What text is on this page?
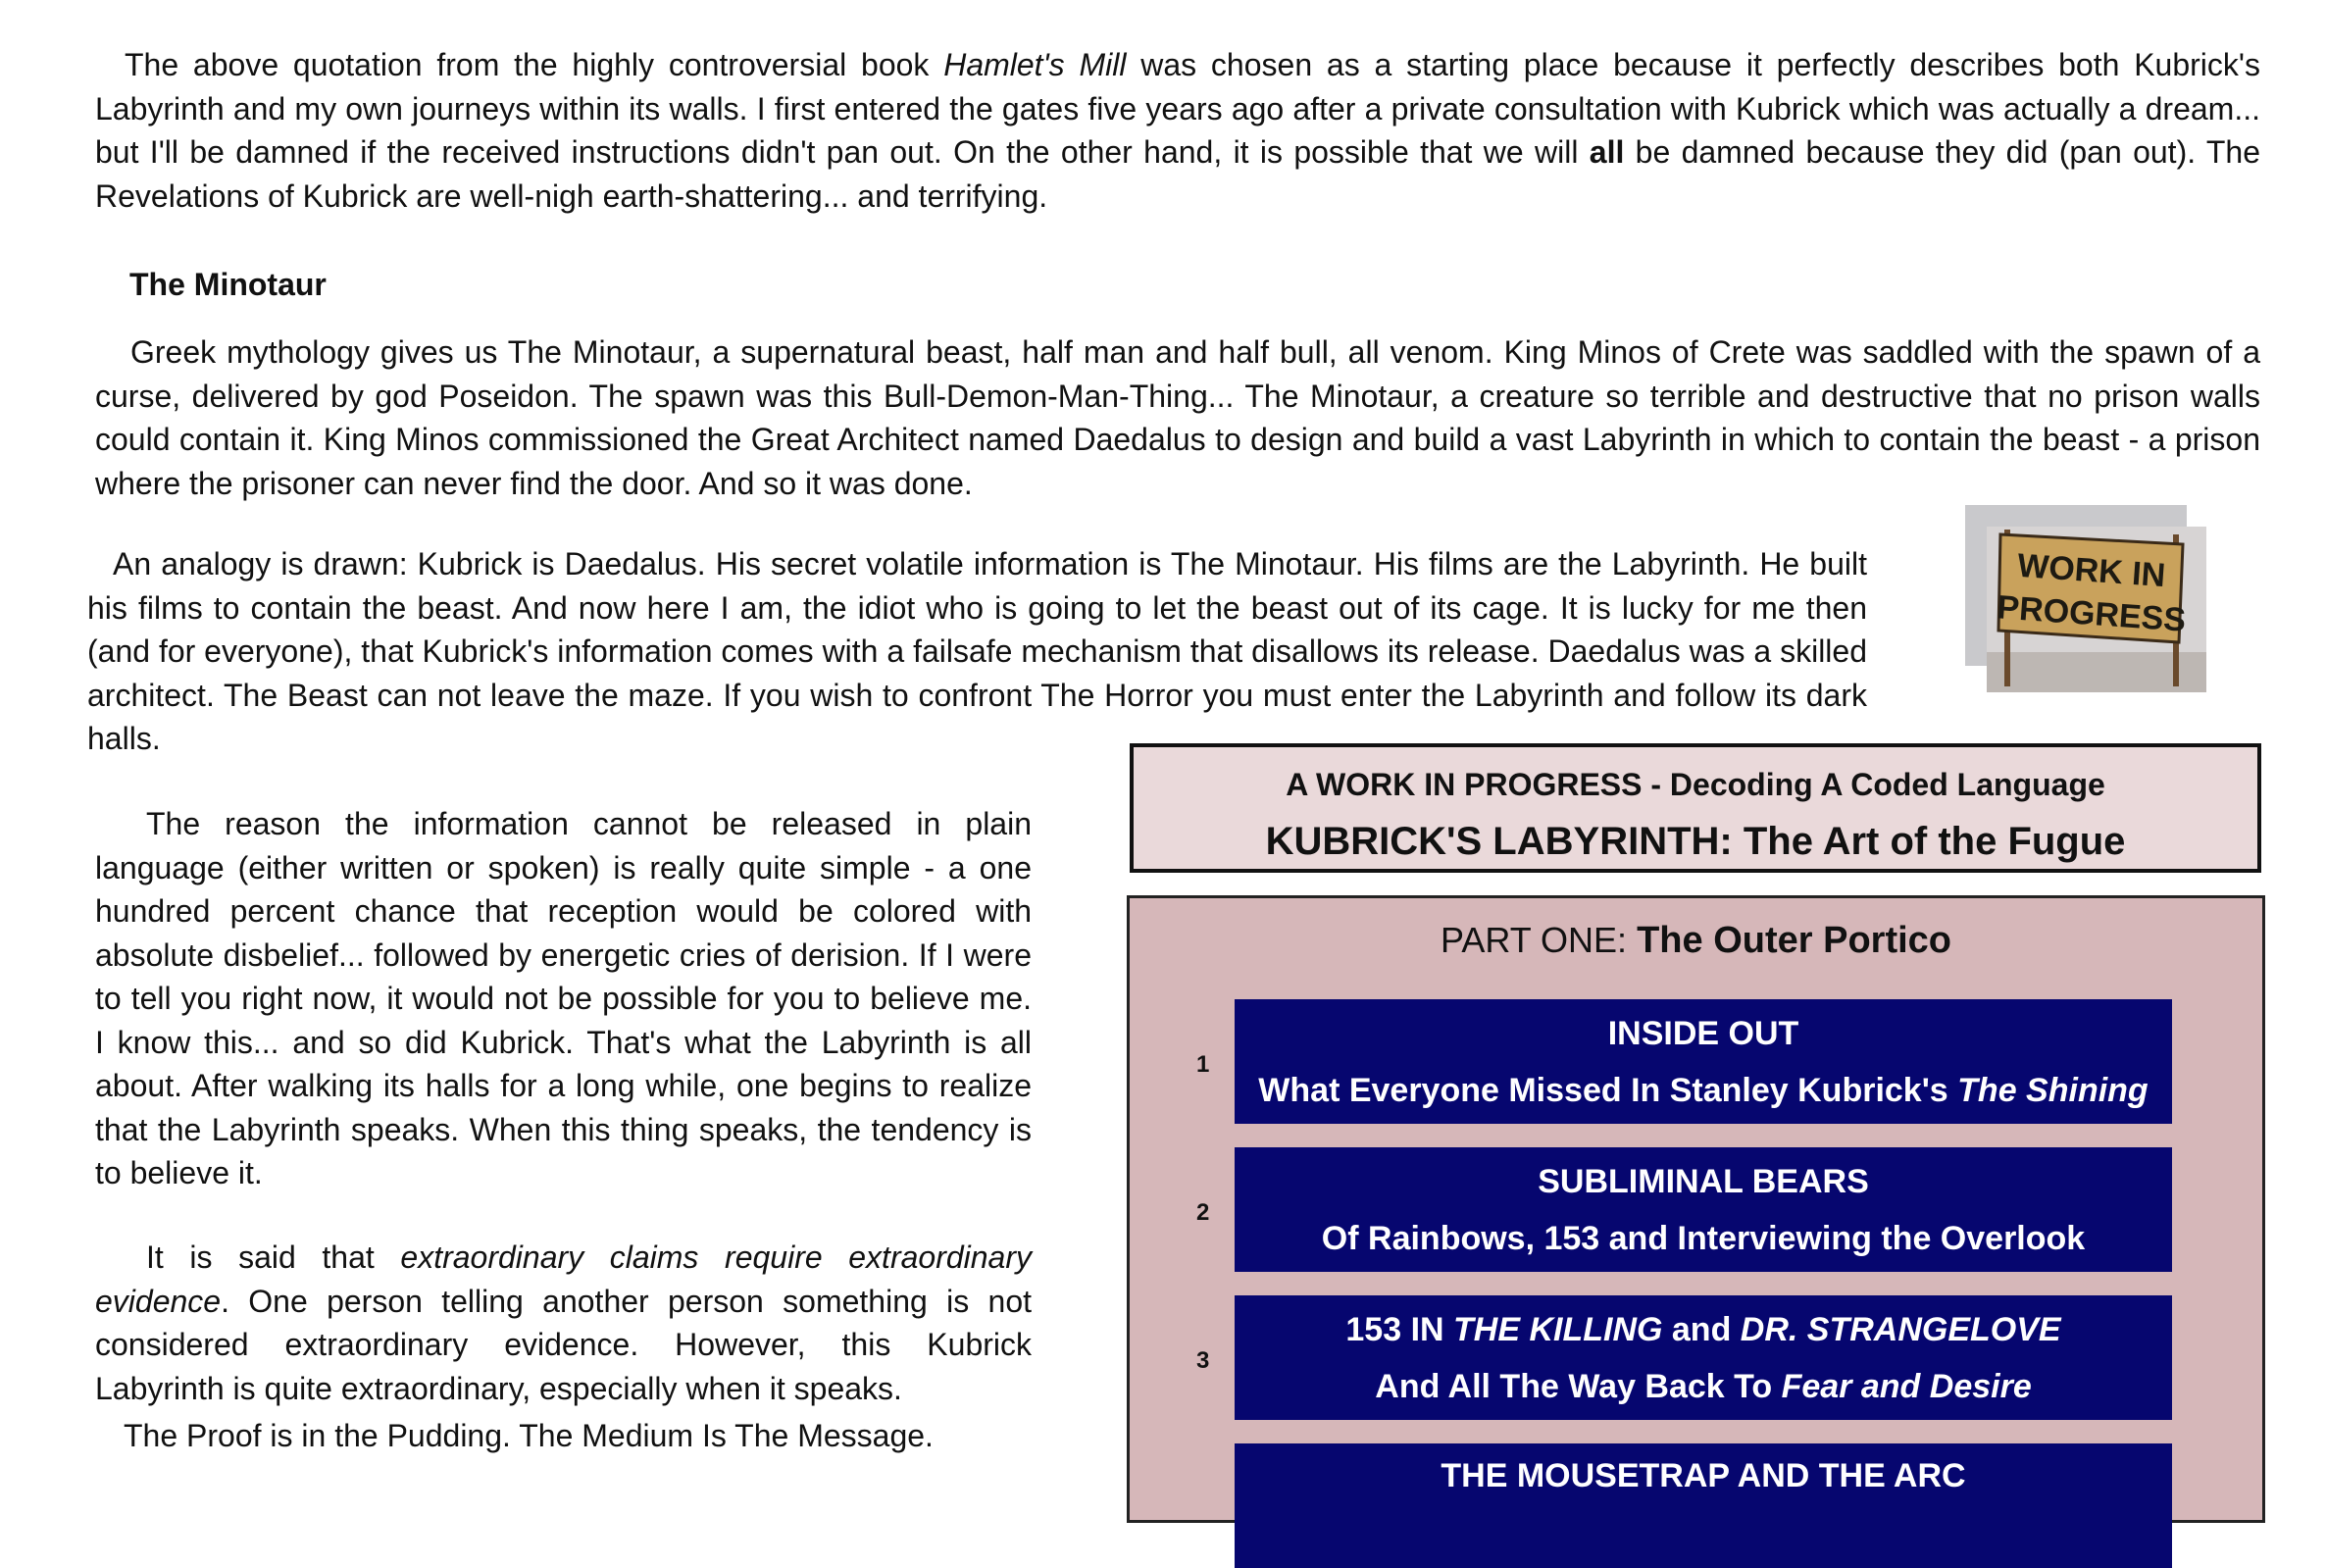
The above quotation from the highly controversial book Hamlet's Mill was chosen as a starting place because it perfectly describes both Kubrick's Labyrinth and my own journeys within its walls. I first entered the gates five years ago after a private consultation with Kubrick which was actually a dream... but I'll be damned if the received instructions didn't pan out. On the other hand, it is possible that we will all be damned because they did (pan out). The Revelations of Kubrick are well-nigh earth-shattering... and terrifying.

The Minotaur

Greek mythology gives us The Minotaur, a supernatural beast, half man and half bull, all venom. King Minos of Crete was saddled with the spawn of a curse, delivered by god Poseidon. The spawn was this Bull-Demon-Man-Thing... The Minotaur, a creature so terrible and destructive that no prison walls could contain it. King Minos commissioned the Great Architect named Daedalus to design and build a vast Labyrinth in which to contain the beast - a prison where the prisoner can never find the door. And so it was done.

An analogy is drawn: Kubrick is Daedalus. His secret volatile information is The Minotaur. His films are the Labyrinth. He built his films to contain the beast. And now here I am, the idiot who is going to let the beast out of its cage. It is lucky for me then (and for everyone), that Kubrick's information comes with a failsafe mechanism that disallows its release. Daedalus was a skilled architect. The Beast can not leave the maze. If you wish to confront The Horror you must enter the Labyrinth and follow its dark halls.

WORK IN
PROGRESS

The reason the information cannot be released in plain language (either written or spoken) is really quite simple - a one hundred percent chance that reception would be colored with absolute disbelief... followed by energetic cries of derision. If I were to tell you right now, it would not be possible for you to believe me. I know this... and so did Kubrick. That's what the Labyrinth is all about. After walking its halls for a long while, one begins to realize that the Labyrinth speaks. When this thing speaks, the tendency is to believe it.

It is said that extraordinary claims require extraordinary evidence. One person telling another person something is not considered extraordinary evidence. However, this Kubrick Labyrinth is quite extraordinary, especially when it speaks.

The Proof is in the Pudding. The Medium Is The Message.

A WORK IN PROGRESS - Decoding A Coded Language
KUBRICK'S LABYRINTH: The Art of the Fugue
PART ONE: The Outer Portico
1
INSIDE OUT
What Everyone Missed In Stanley Kubrick's The Shining
2
SUBLIMINAL BEARS
Of Rainbows, 153 and Interviewing the Overlook
3
153 IN THE KILLING and DR. STRANGELOVE
And All The Way Back To Fear and Desire
THE MOUSETRAP AND THE ARC
